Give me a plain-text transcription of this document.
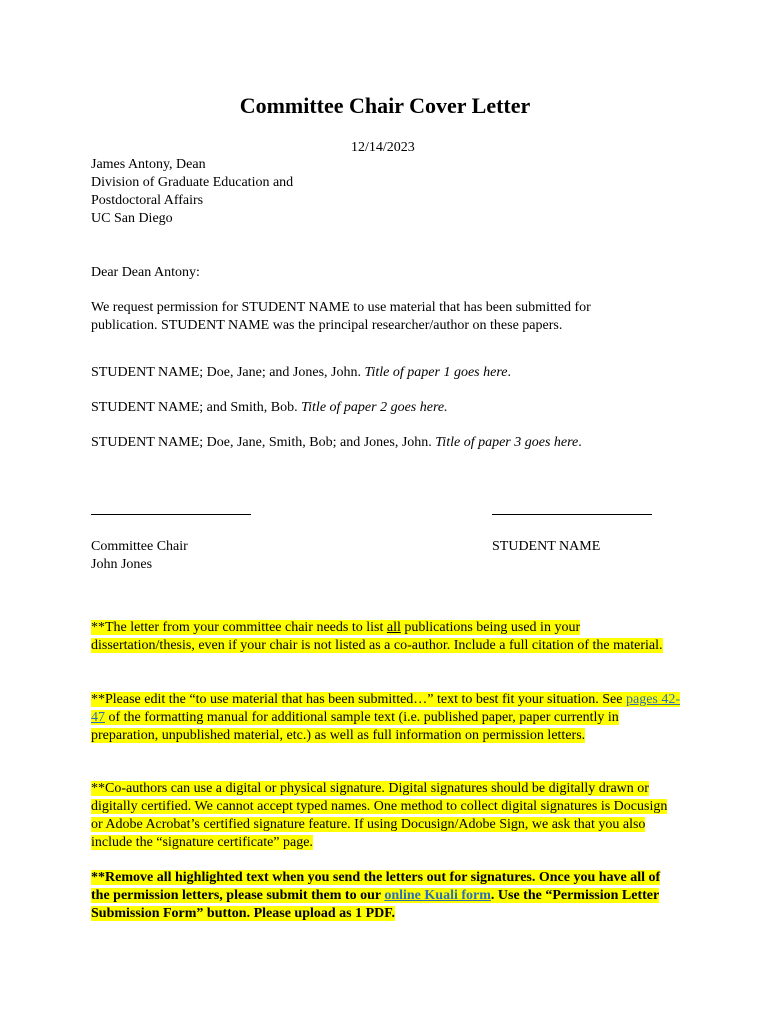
Committee Chair Cover Letter
12/14/2023
James Antony, Dean
Division of Graduate Education and
Postdoctoral Affairs
UC San Diego
Dear Dean Antony:
We request permission for STUDENT NAME to use material that has been submitted for publication. STUDENT NAME was the principal researcher/author on these papers.
STUDENT NAME; Doe, Jane; and Jones, John. Title of paper 1 goes here.
STUDENT NAME; and Smith, Bob. Title of paper 2 goes here.
STUDENT NAME; Doe, Jane, Smith, Bob; and Jones, John. Title of paper 3 goes here.
Committee Chair
John Jones
STUDENT NAME
**The letter from your committee chair needs to list all publications being used in your dissertation/thesis, even if your chair is not listed as a co-author. Include a full citation of the material.
**Please edit the “to use material that has been submitted…” text to best fit your situation. See pages 42-47 of the formatting manual for additional sample text (i.e. published paper, paper currently in preparation, unpublished material, etc.) as well as full information on permission letters.
**Co-authors can use a digital or physical signature. Digital signatures should be digitally drawn or digitally certified. We cannot accept typed names. One method to collect digital signatures is Docusign or Adobe Acrobat’s certified signature feature. If using Docusign/Adobe Sign, we ask that you also include the “signature certificate” page.
**Remove all highlighted text when you send the letters out for signatures. Once you have all of the permission letters, please submit them to our online Kuali form. Use the “Permission Letter Submission Form” button. Please upload as 1 PDF.
